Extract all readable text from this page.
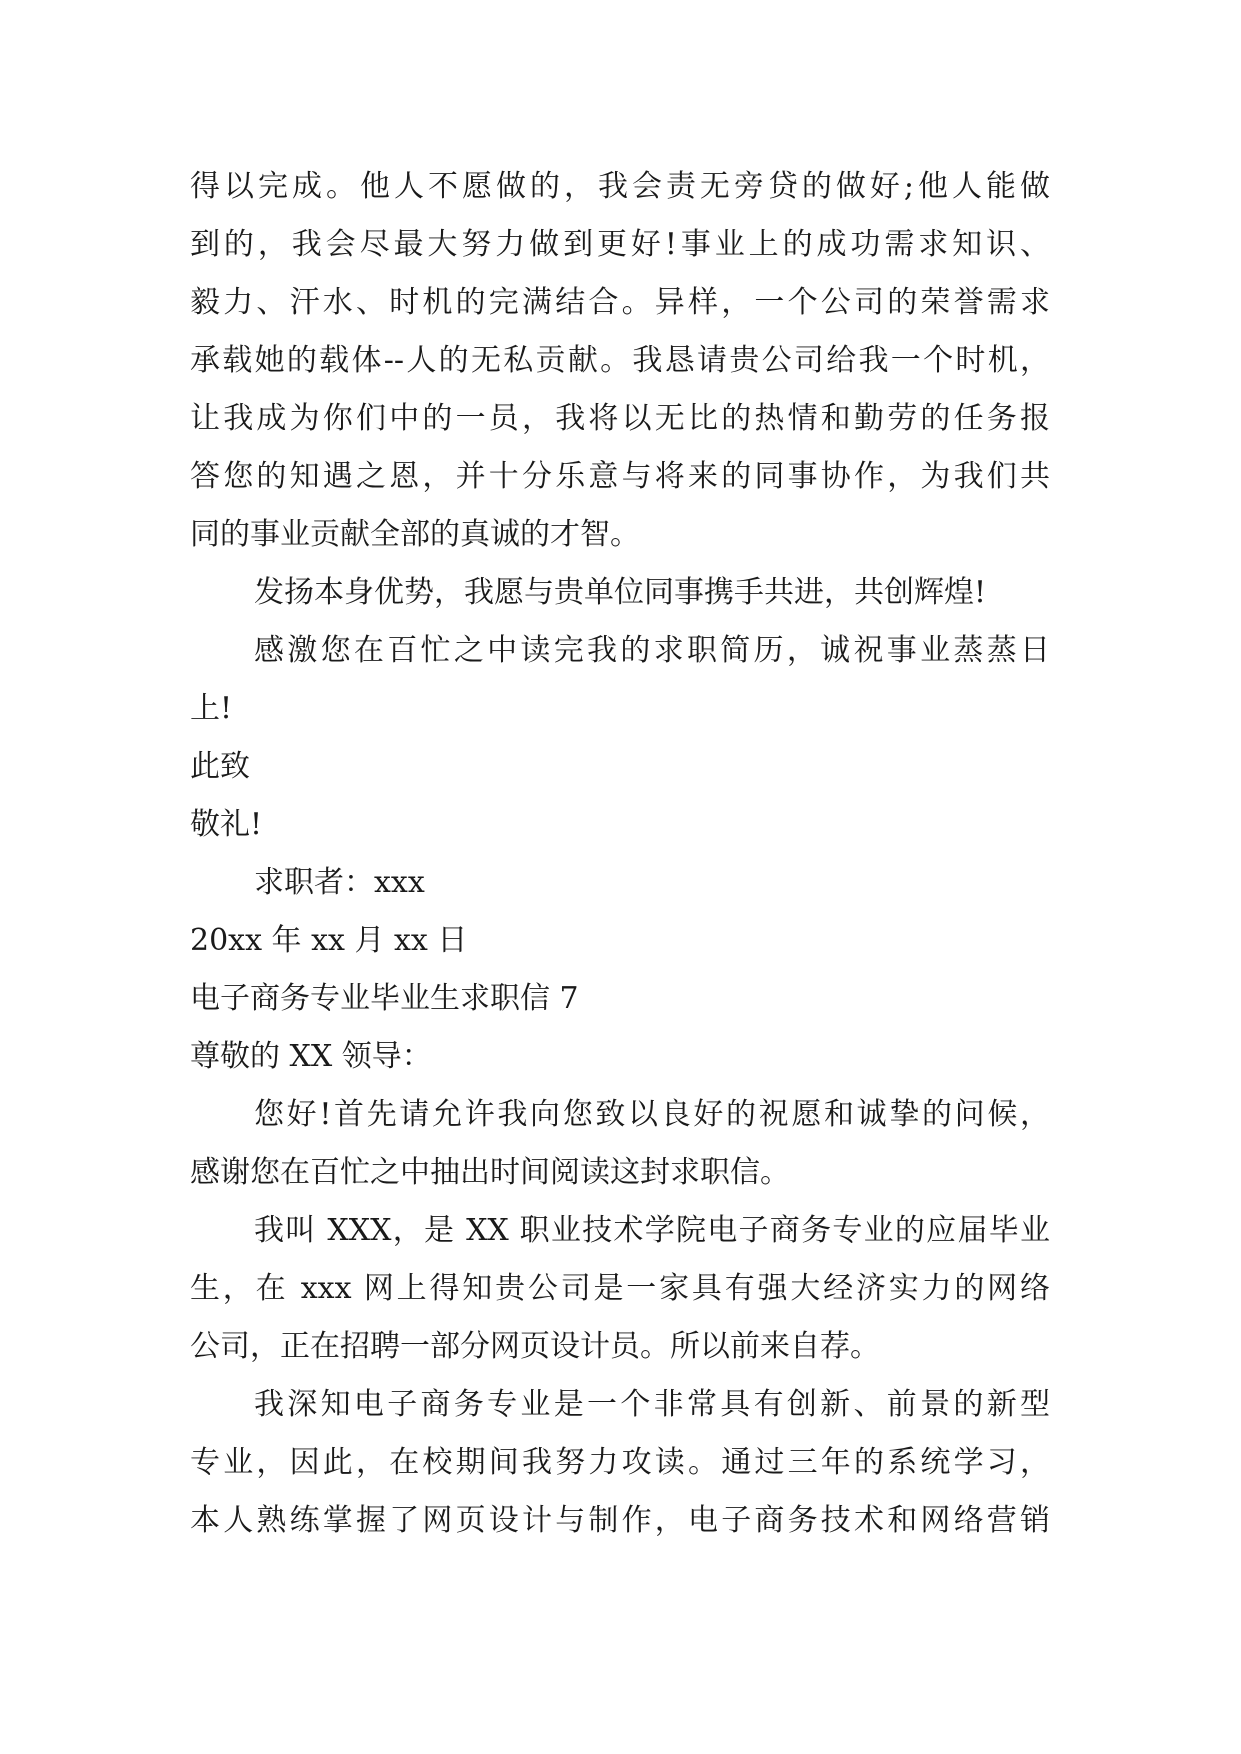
得以完成。他人不愿做的，我会责无旁贷的做好;他人能做
到的，我会尽最大努力做到更好!事业上的成功需求知识、
毅力、汗水、时机的完满结合。异样，一个公司的荣誉需求
承载她的载体--人的无私贡献。我恳请贵公司给我一个时机，
让我成为你们中的一员，我将以无比的热情和勤劳的任务报
答您的知遇之恩，并十分乐意与将来的同事协作，为我们共
同的事业贡献全部的真诚的才智。
发扬本身优势，我愿与贵单位同事携手共进，共创辉煌!
感激您在百忙之中读完我的求职简历，诚祝事业蒸蒸日
上!
此致
敬礼!
求职者：xxx
20xx 年 xx 月 xx 日
电子商务专业毕业生求职信 7
尊敬的 XX 领导：
您好!首先请允许我向您致以良好的祝愿和诚挚的问候，
感谢您在百忙之中抽出时间阅读这封求职信。
我叫 XXX，是 XX 职业技术学院电子商务专业的应届毕业
生，在 xxx 网上得知贵公司是一家具有强大经济实力的网络
公司，正在招聘一部分网页设计员。所以前来自荐。
我深知电子商务专业是一个非常具有创新、前景的新型
专业，因此，在校期间我努力攻读。通过三年的系统学习，
本人熟练掌握了网页设计与制作，电子商务技术和网络营销
